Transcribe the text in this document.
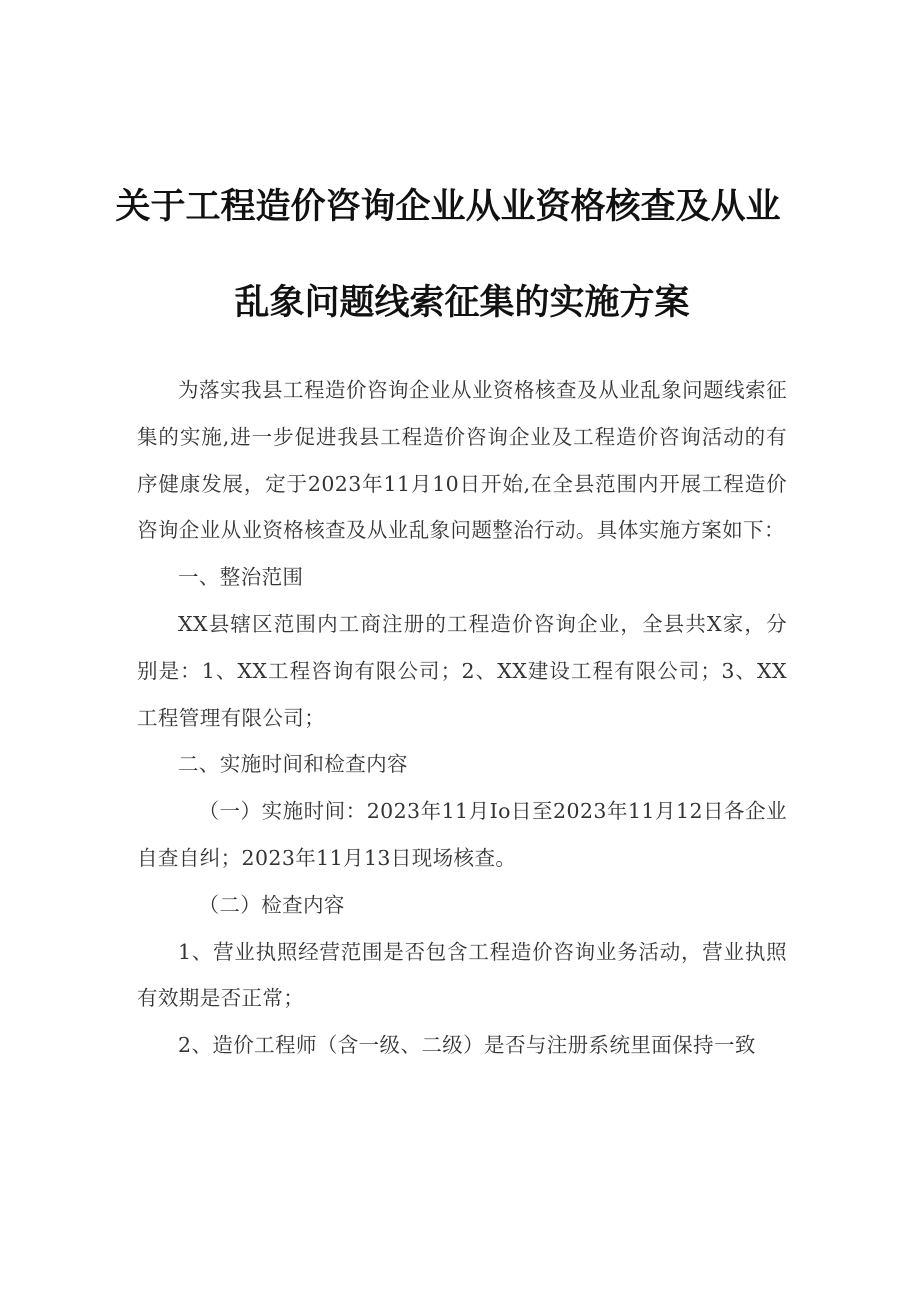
关于工程造价咨询企业从业资格核查及从业
乱象问题线索征集的实施方案

为落实我县工程造价咨询企业从业资格核查及从业乱象问题线索征集的实施,进一步促进我县工程造价咨询企业及工程造价咨询活动的有序健康发展，定于2023年11月10日开始,在全县范围内开展工程造价咨询企业从业资格核查及从业乱象问题整治行动。具体实施方案如下：

一、整治范围

XX县辖区范围内工商注册的工程造价咨询企业，全县共X家，分别是：1、XX工程咨询有限公司；2、XX建设工程有限公司；3、XX工程管理有限公司；

二、实施时间和检查内容

（一）实施时间：2023年11月Io日至2023年11月12日各企业自查自纠；2023年11月13日现场核查。

（二）检查内容

1、营业执照经营范围是否包含工程造价咨询业务活动，营业执照有效期是否正常；

2、造价工程师（含一级、二级）是否与注册系统里面保持一致
